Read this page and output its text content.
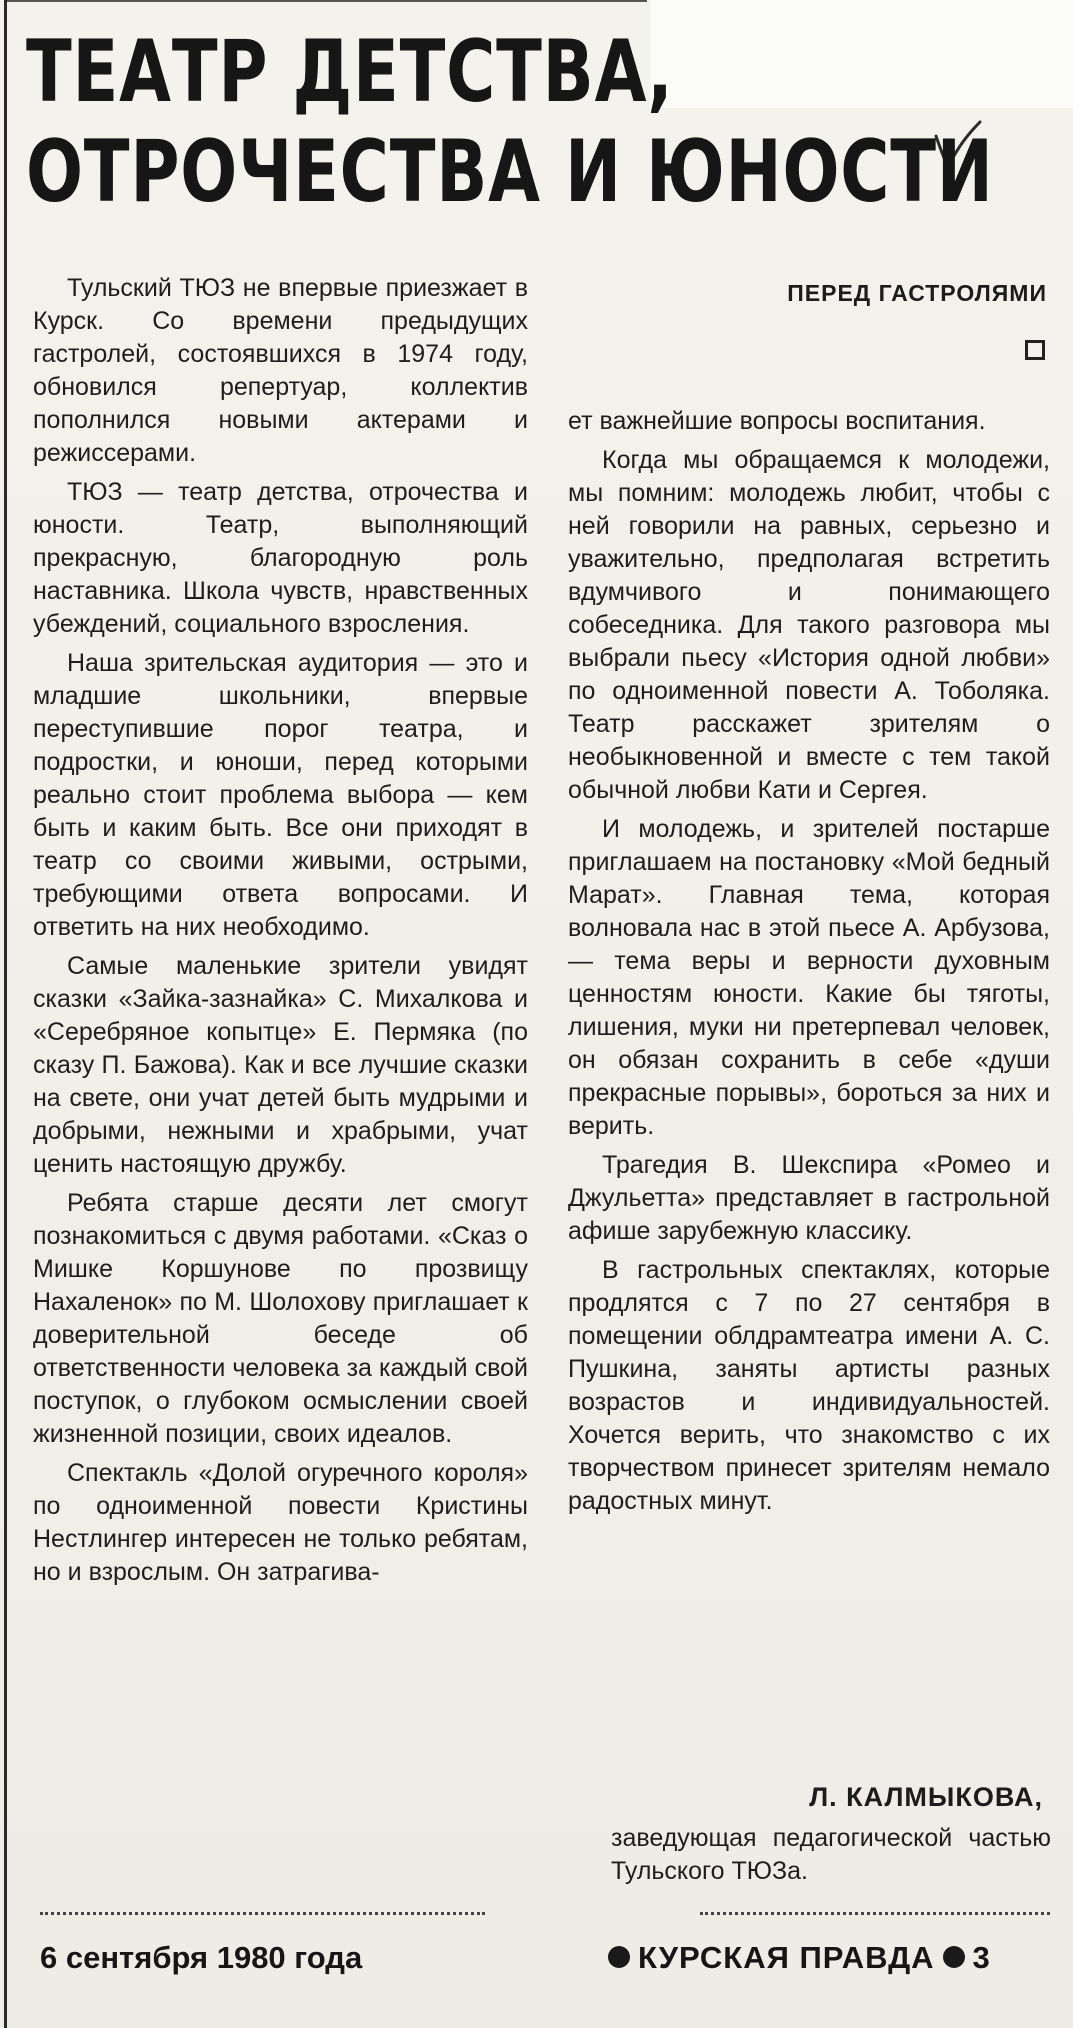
ТЕАТР ДЕТСТВА,
ОТРОЧЕСТВА И ЮНОСТИ
ПЕРЕД ГАСТРОЛЯМИ

Тульский ТЮЗ не впервые приезжает в Курск. Со времени предыдущих гастролей, состоявшихся в 1974 году, обновился репертуар, коллектив пополнился новыми актерами и режиссерами.

ТЮЗ — театр детства, отрочества и юности. Театр, выполняющий прекрасную, благородную роль наставника. Школа чувств, нравственных убеждений, социального взросления.

Наша зрительская аудитория — это и младшие школьники, впервые переступившие порог театра, и подростки, и юноши, перед которыми реально стоит проблема выбора — кем быть и каким быть. Все они приходят в театр со своими живыми, острыми, требующими ответа вопросами. И ответить на них необходимо.

Самые маленькие зрители увидят сказки «Зайка-зазнайка» С. Михалкова и «Серебряное копытце» Е. Пермяка (по сказу П. Бажова). Как и все лучшие сказки на свете, они учат детей быть мудрыми и добрыми, нежными и храбрыми, учат ценить настоящую дружбу.

Ребята старше десяти лет смогут познакомиться с двумя работами. «Сказ о Мишке Коршунове по прозвищу Нахаленок» по М. Шолохову приглашает к доверительной беседе об ответственности человека за каждый свой поступок, о глубоком осмыслении своей жизненной позиции, своих идеалов.

Спектакль «Долой огуречного короля» по одноименной повести Кристины Нестлингер интересен не только ребятам, но и взрослым. Он затрагива-

ет важнейшие вопросы воспитания.

Когда мы обращаемся к молодежи, мы помним: молодежь любит, чтобы с ней говорили на равных, серьезно и уважительно, предполагая встретить вдумчивого и понимающего собеседника. Для такого разговора мы выбрали пьесу «История одной любви» по одноименной повести А. Тоболяка. Театр расскажет зрителям о необыкновенной и вместе с тем такой обычной любви Кати и Сергея.

И молодежь, и зрителей постарше приглашаем на постановку «Мой бедный Марат». Главная тема, которая волновала нас в этой пьесе А. Арбузова, — тема веры и верности духовным ценностям юности. Какие бы тяготы, лишения, муки ни претерпевал человек, он обязан сохранить в себе «души прекрасные порывы», бороться за них и верить.

Трагедия В. Шекспира «Ромео и Джульетта» представляет в гастрольной афише зарубежную классику.

В гастрольных спектаклях, которые продлятся с 7 по 27 сентября в помещении облдрамтеатра имени А. С. Пушкина, заняты артисты разных возрастов и индивидуальностей. Хочется верить, что знакомство с их творчеством принесет зрителям немало радостных минут.

Л. КАЛМЫКОВА,
заведующая педагогической частью Тульского ТЮЗа.
6 сентября 1980 года	КУРСКАЯ ПРАВДА 3
